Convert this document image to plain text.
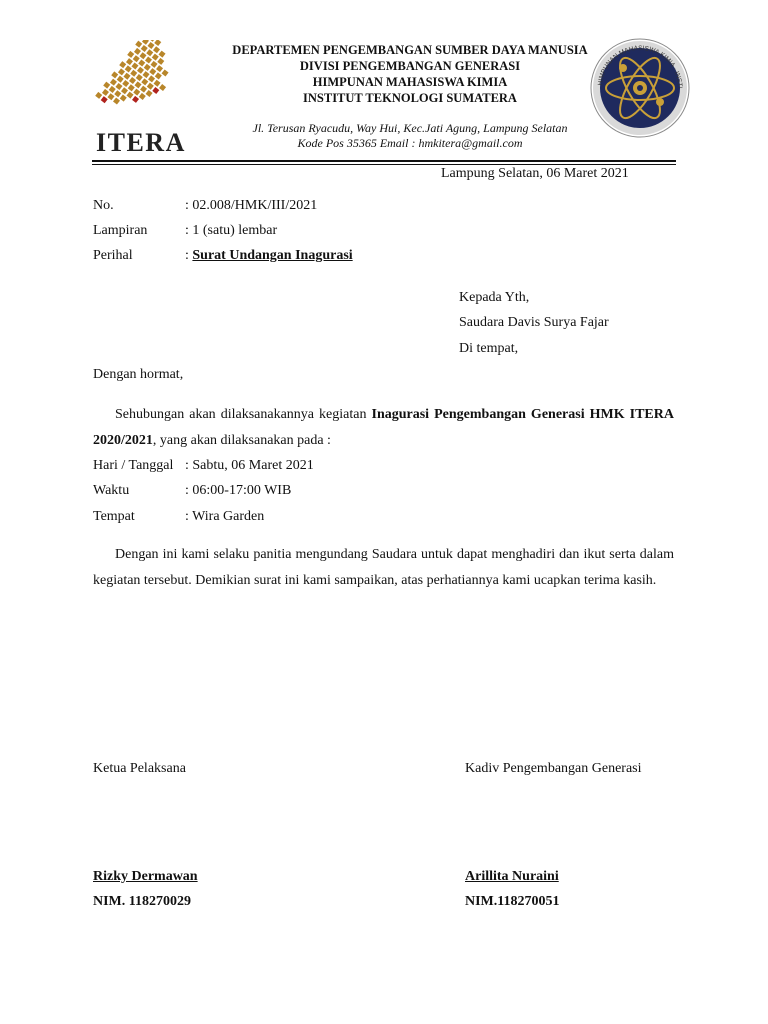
ITERA
DEPARTEMEN PENGEMBANGAN SUMBER DAYA MANUSIA
DIVISI PENGEMBANGAN GENERASI
HIMPUNAN MAHASISWA KIMIA
INSTITUT TEKNOLOGI SUMATERA
Jl. Terusan Ryacudu, Way Hui, Kec.Jati Agung, Lampung Selatan
Kode Pos 35365 Email : hmkitera@gmail.com
HIMPUNAN MAHASISWA KIMIA · INSTI
Lampung Selatan, 06 Maret 2021
No.	: 02.008/HMK/III/2021
Lampiran	: 1 (satu) lembar
Perihal	: Surat Undangan Inagurasi
Kepada Yth,
Saudara Davis Surya Fajar
Di tempat,
Dengan hormat,
Sehubungan akan dilaksanakannya kegiatan Inagurasi Pengembangan Generasi HMK ITERA 2020/2021, yang akan dilaksanakan pada :
Hari / Tanggal : Sabtu, 06 Maret 2021
Waktu	: 06:00-17:00 WIB
Tempat	: Wira Garden
Dengan ini kami selaku panitia mengundang Saudara untuk dapat menghadiri dan ikut serta dalam kegiatan tersebut. Demikian surat ini kami sampaikan, atas perhatiannya kami ucapkan terima kasih.
Ketua Pelaksana	Kadiv Pengembangan Generasi
Rizky Dermawan	Arillita Nuraini
NIM. 118270029	NIM.118270051
